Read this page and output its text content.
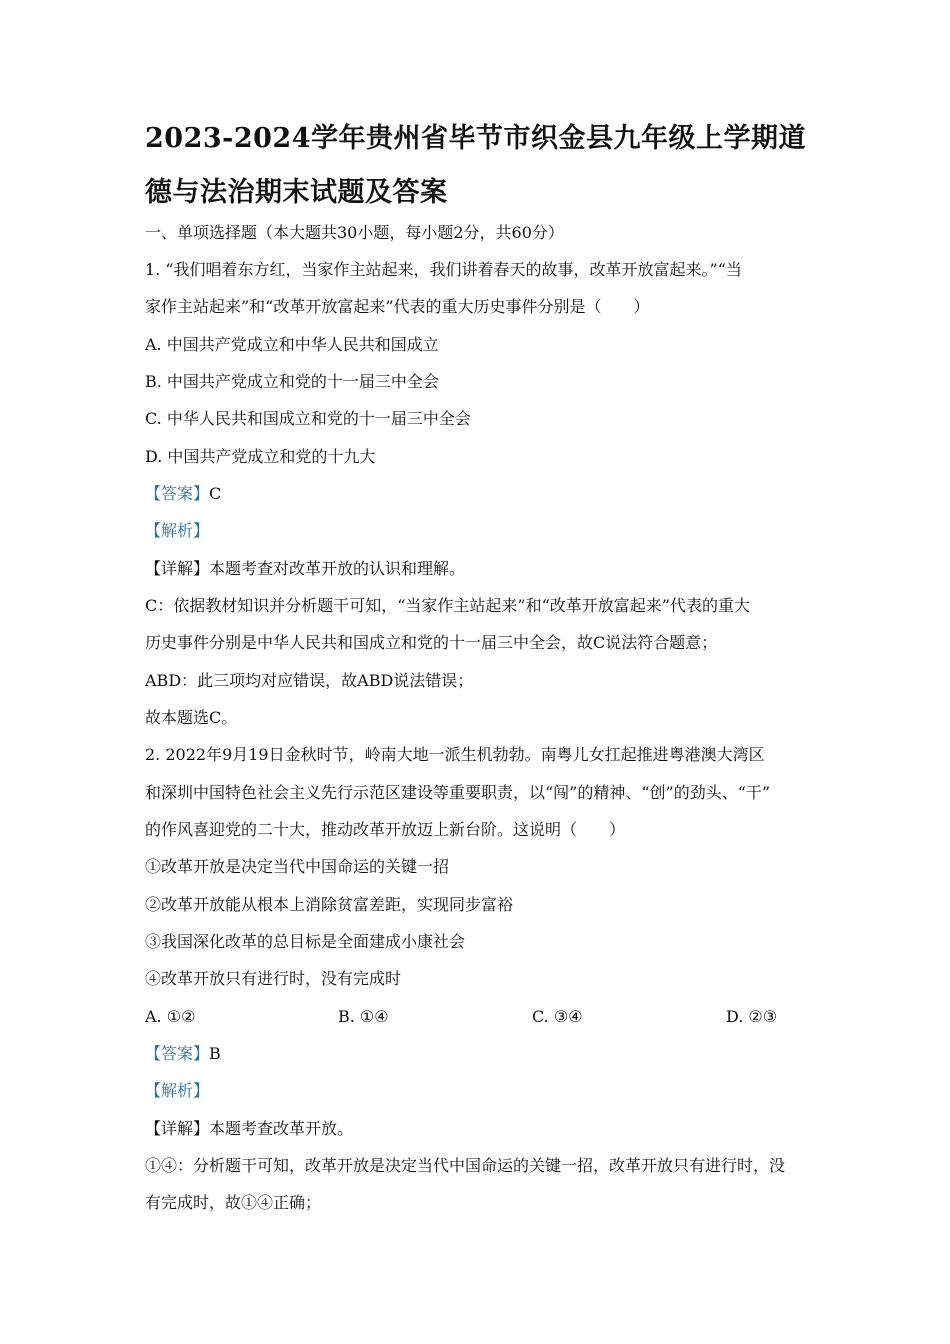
2023-2024学年贵州省毕节市织金县九年级上学期道德与法治期末试题及答案
一、单项选择题（本大题共30小题，每小题2分，共60分）
1. “我们唱着东方红，当家作主站起来，我们讲着春天的故事，改革开放富起来。”“当
家作主站起来”和“改革开放富起来”代表的重大历史事件分别是（　　）
A. 中国共产党成立和中华人民共和国成立
B. 中国共产党成立和党的十一届三中全会
C. 中华人民共和国成立和党的十一届三中全会
D. 中国共产党成立和党的十九大
【答案】C
【解析】
【详解】本题考查对改革开放的认识和理解。
C：依据教材知识并分析题干可知，“当家作主站起来”和“改革开放富起来”代表的重大
历史事件分别是中华人民共和国成立和党的十一届三中全会，故C说法符合题意；
ABD：此三项均对应错误，故ABD说法错误；
故本题选C。
2. 2022年9月19日金秋时节，岭南大地一派生机勃勃。南粤儿女扛起推进粤港澳大湾区
和深圳中国特色社会主义先行示范区建设等重要职责，以“闯”的精神、“创”的劲头、“干”
的作风喜迎党的二十大，推动改革开放迈上新台阶。这说明（　　）
①改革开放是决定当代中国命运的关键一招
②改革开放能从根本上消除贫富差距，实现同步富裕
③我国深化改革的总目标是全面建成小康社会
④改革开放只有进行时，没有完成时
A. ①②	B. ①④	C. ③④	D. ②③
【答案】B
【解析】
【详解】本题考查改革开放。
①④：分析题干可知，改革开放是决定当代中国命运的关键一招，改革开放只有进行时，没
有完成时，故①④正确；
